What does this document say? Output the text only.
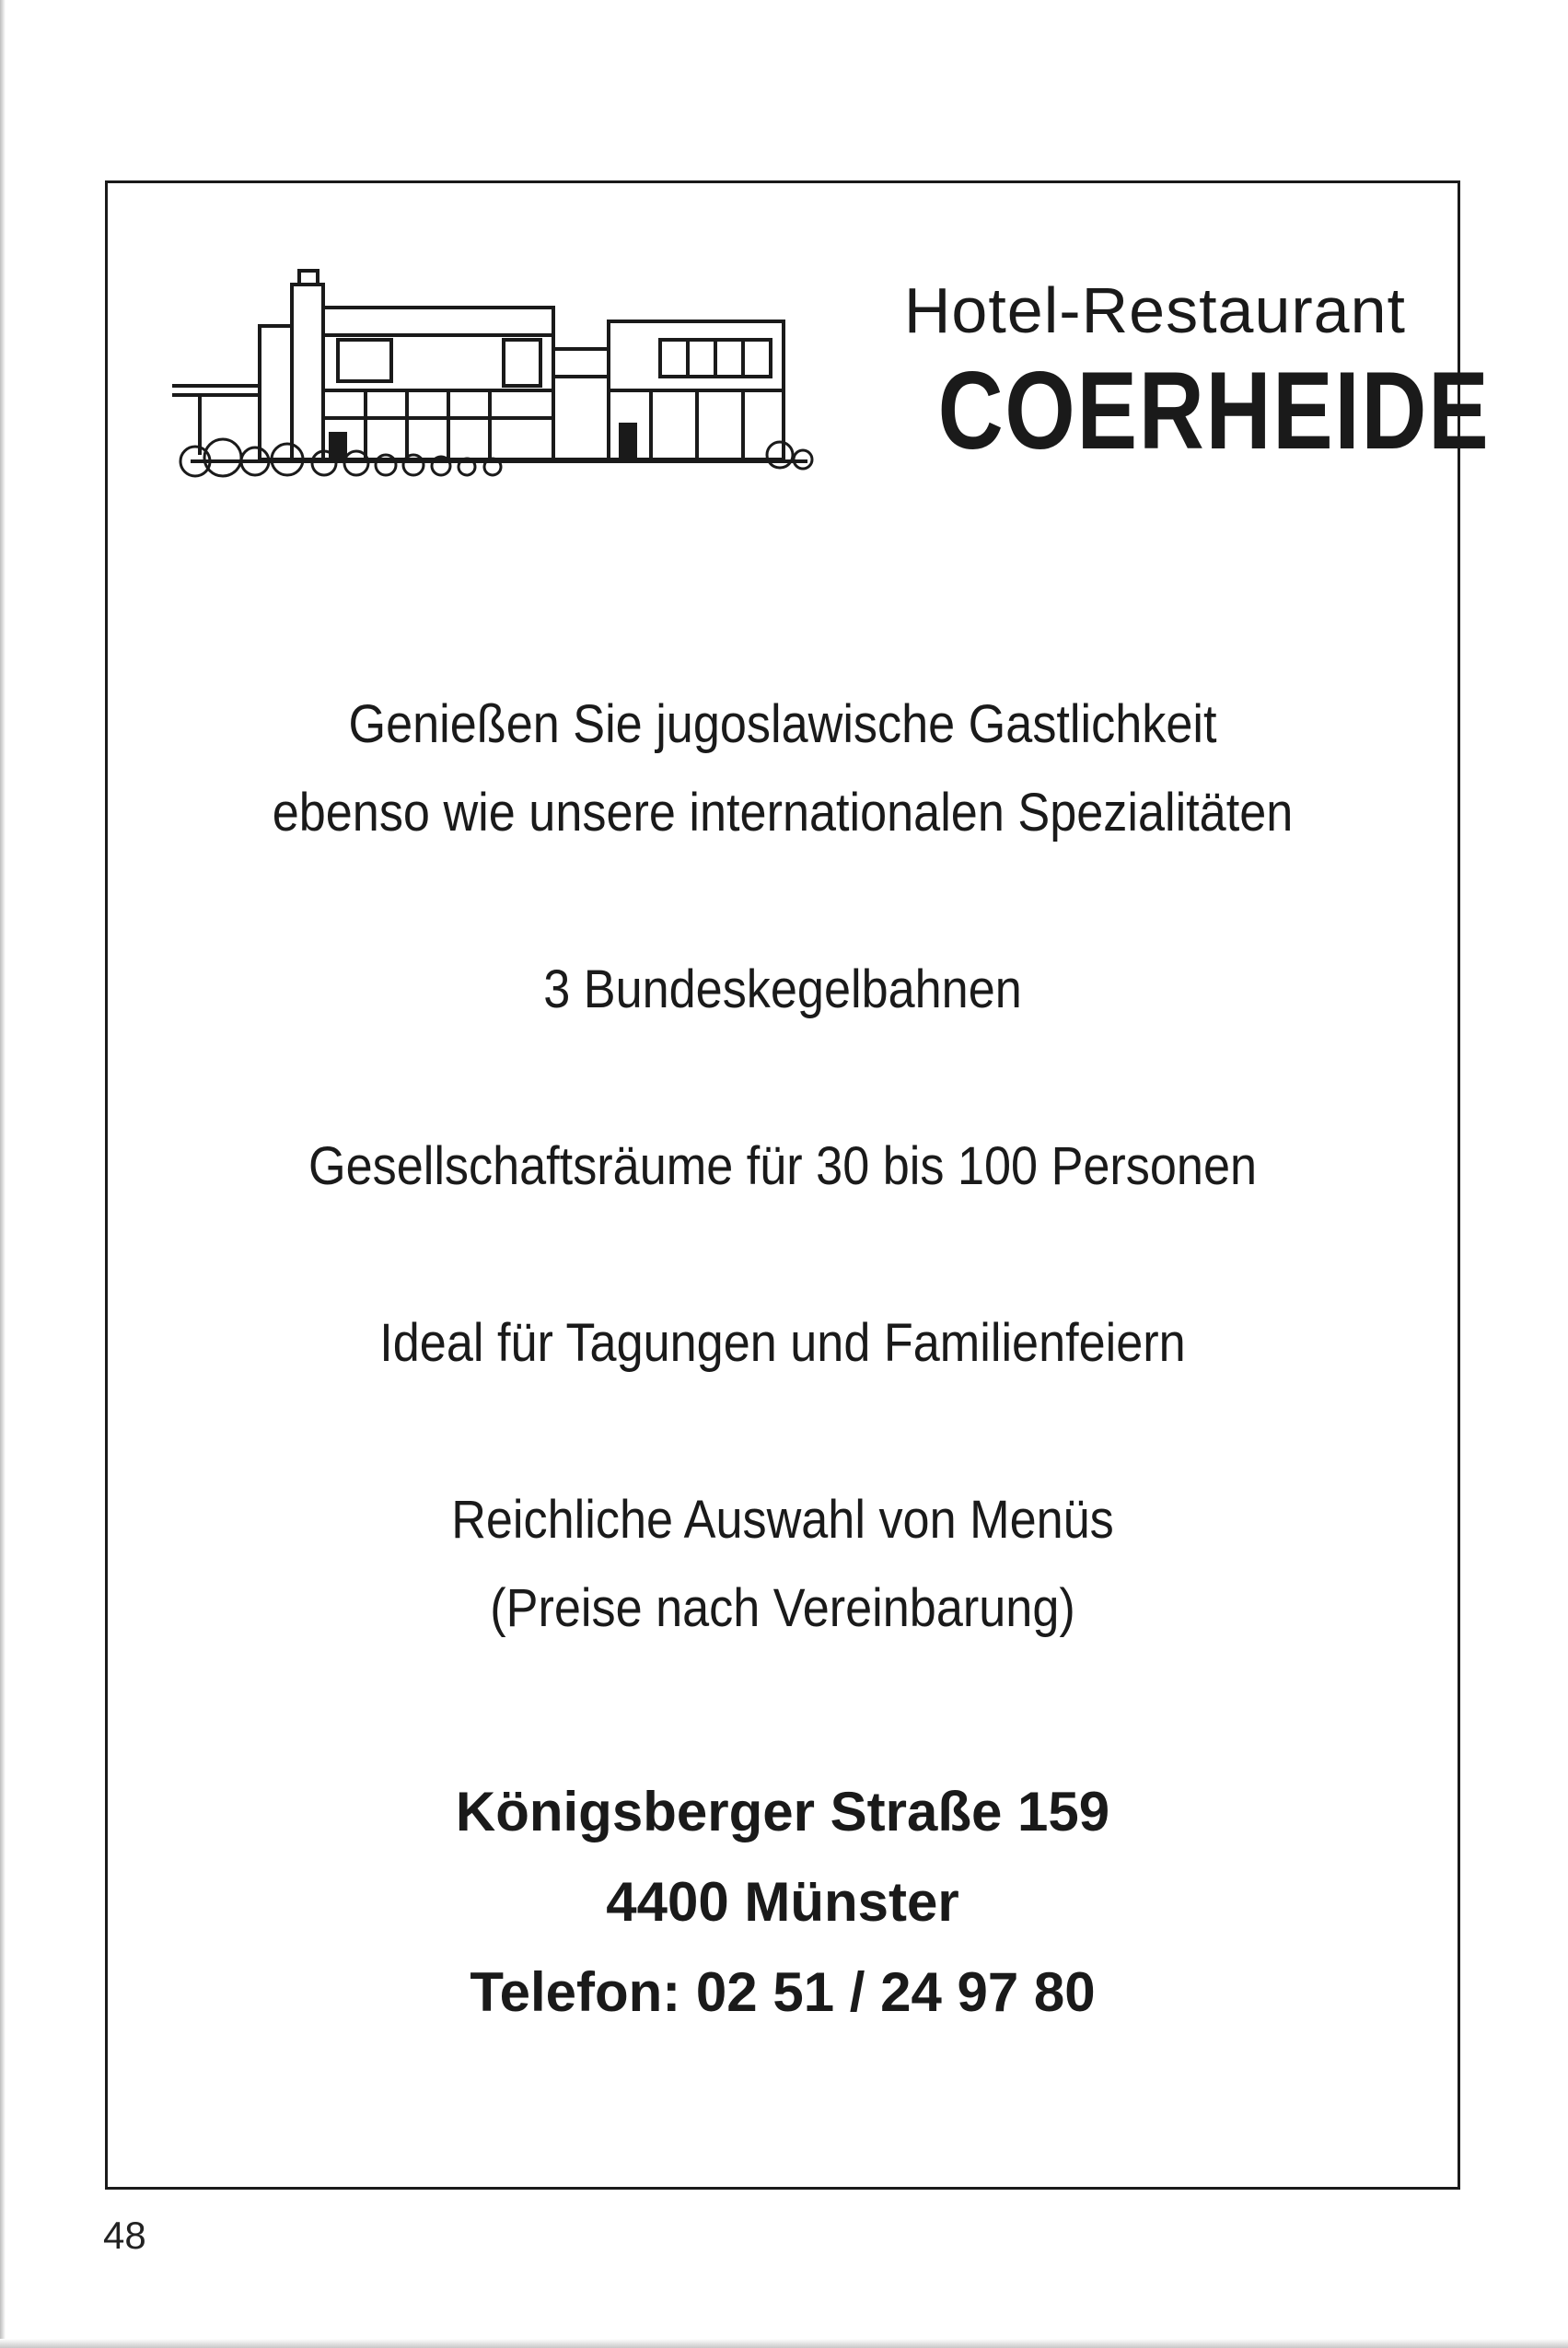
Hotel-Restaurant
COERHEIDE

Genießen Sie jugoslawische Gastlichkeit

ebenso wie unsere internationalen Spezialitäten

3 Bundeskegelbahnen

Gesellschaftsräume für 30 bis 100 Personen

Ideal für Tagungen und Familienfeiern

Reichliche Auswahl von Menüs

(Preise nach Vereinbarung)

Königsberger Straße 159

4400 Münster

Telefon: 02 51 / 24 97 80

48
